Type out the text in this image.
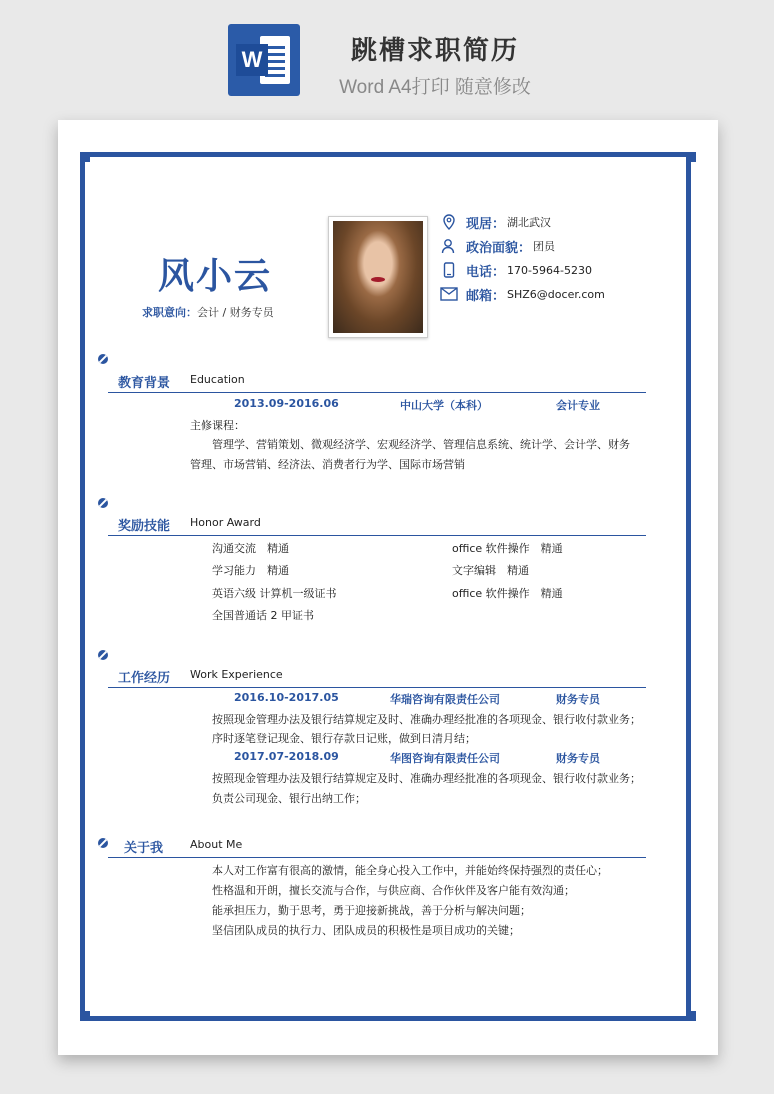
W	跳槽求职简历
Word A4打印 随意修改
风小云
求职意向：会计 / 财务专员
现居： 湖北武汉
政治面貌： 团员
电话： 170-5964-5230
邮箱： SHZ6@docer.com
教育背景 Education
2013.09-2016.06	中山大学（本科）	会计专业
主修课程：
管理学、营销策划、微观经济学、宏观经济学、管理信息系统、统计学、会计学、财务
管理、市场营销、经济法、消费者行为学、国际市场营销
奖励技能 Honor Award
沟通交流　精通	office 软件操作　精通
学习能力　精通	文字编辑　精通
英语六级 计算机一级证书	office 软件操作　精通
全国普通话 2 甲证书
工作经历 Work Experience
2016.10-2017.05	华瑞咨询有限责任公司	财务专员
按照现金管理办法及银行结算规定及时、准确办理经批准的各项现金、银行收付款业务；
序时逐笔登记现金、银行存款日记账，做到日清月结；
2017.07-2018.09	华图咨询有限责任公司	财务专员
按照现金管理办法及银行结算规定及时、准确办理经批准的各项现金、银行收付款业务；
负责公司现金、银行出纳工作；
关于我 About Me
本人对工作富有很高的激情，能全身心投入工作中，并能始终保持强烈的责任心；
性格温和开朗，擅长交流与合作，与供应商、合作伙伴及客户能有效沟通；
能承担压力，勤于思考，勇于迎接新挑战，善于分析与解决问题；
坚信团队成员的执行力、团队成员的积极性是项目成功的关键；
